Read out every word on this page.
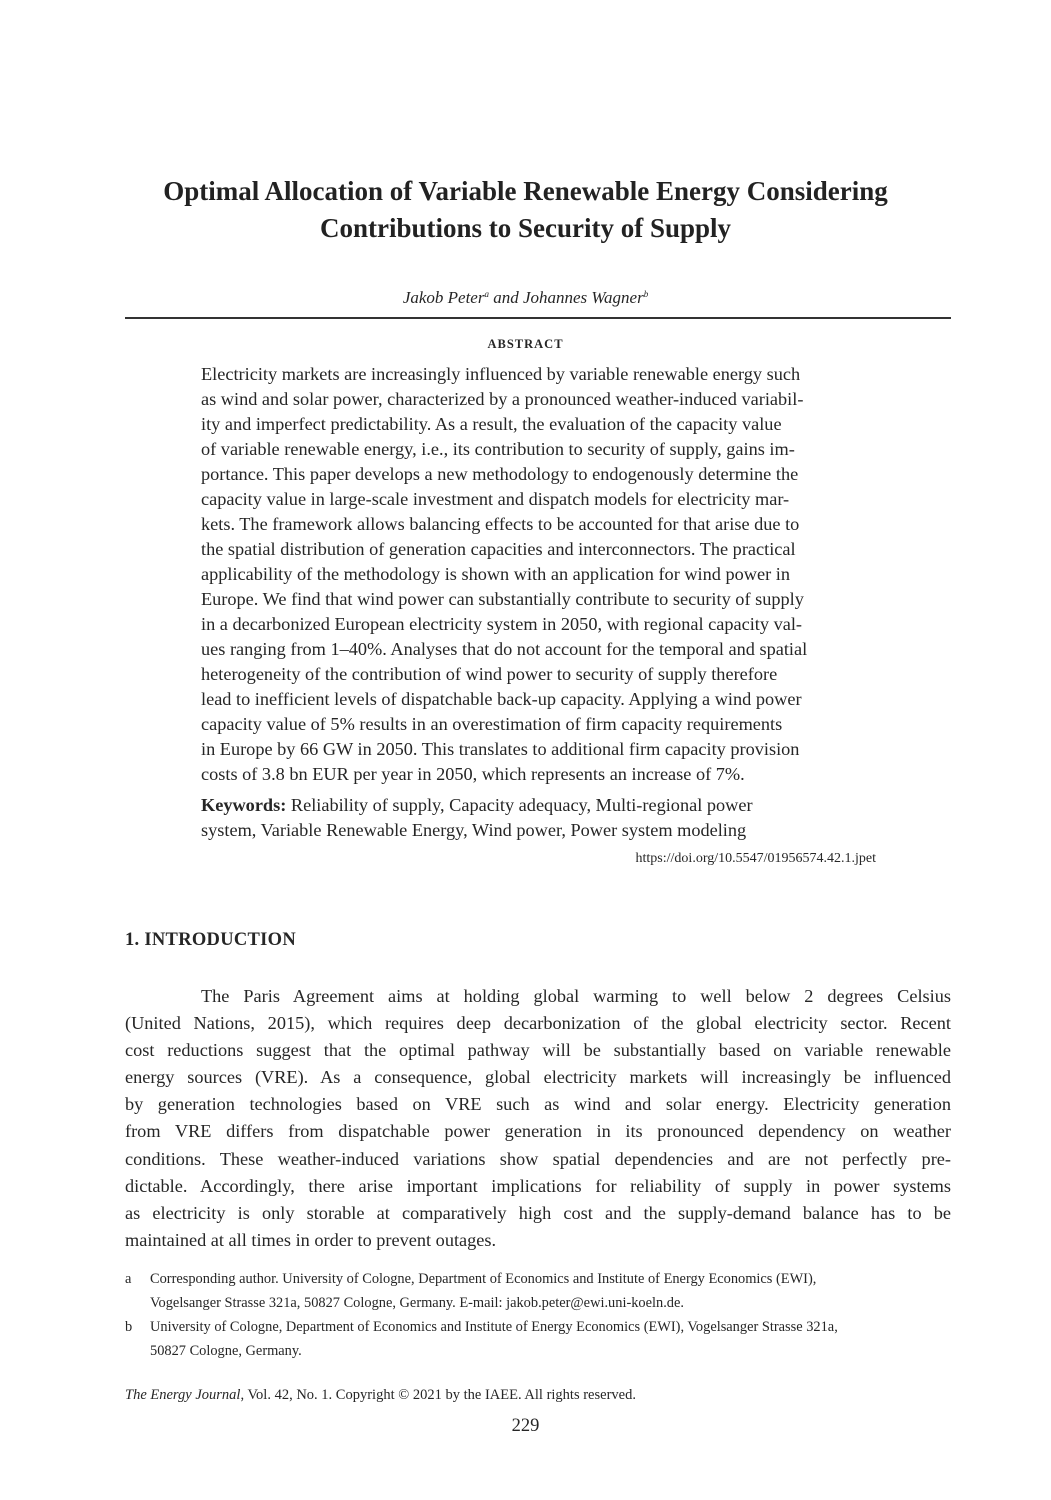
Optimal Allocation of Variable Renewable Energy Considering
Contributions to Security of Supply
Jakob Peter$^a$ and Johannes Wagner$^b$
ABSTRACT
Electricity markets are increasingly influenced by variable renewable energy such
as wind and solar power, characterized by a pronounced weather-induced variabil-
ity and imperfect predictability. As a result, the evaluation of the capacity value
of variable renewable energy, i.e., its contribution to security of supply, gains im-
portance. This paper develops a new methodology to endogenously determine the
capacity value in large-scale investment and dispatch models for electricity mar-
kets. The framework allows balancing effects to be accounted for that arise due to
the spatial distribution of generation capacities and interconnectors. The practical
applicability of the methodology is shown with an application for wind power in
Europe. We find that wind power can substantially contribute to security of supply
in a decarbonized European electricity system in 2050, with regional capacity val-
ues ranging from 1–40%. Analyses that do not account for the temporal and spatial
heterogeneity of the contribution of wind power to security of supply therefore
lead to inefficient levels of dispatchable back-up capacity. Applying a wind power
capacity value of 5% results in an overestimation of firm capacity requirements
in Europe by 66 GW in 2050. This translates to additional firm capacity provision
costs of 3.8 bn EUR per year in 2050, which represents an increase of 7%.
Keywords: Reliability of supply, Capacity adequacy, Multi-regional power
system, Variable Renewable Energy, Wind power, Power system modeling
https://doi.org/10.5547/01956574.42.1.jpet
1. INTRODUCTION
The Paris Agreement aims at holding global warming to well below 2 degrees Celsius
(United Nations, 2015), which requires deep decarbonization of the global electricity sector. Recent
cost reductions suggest that the optimal pathway will be substantially based on variable renewable
energy sources (VRE). As a consequence, global electricity markets will increasingly be influenced
by generation technologies based on VRE such as wind and solar energy. Electricity generation
from VRE differs from dispatchable power generation in its pronounced dependency on weather
conditions. These weather-induced variations show spatial dependencies and are not perfectly pre-
dictable. Accordingly, there arise important implications for reliability of supply in power systems
as electricity is only storable at comparatively high cost and the supply-demand balance has to be
maintained at all times in order to prevent outages.
a Corresponding author. University of Cologne, Department of Economics and Institute of Energy Economics (EWI),
Vogelsanger Strasse 321a, 50827 Cologne, Germany. E-mail: jakob.peter@ewi.uni-koeln.de.
b University of Cologne, Department of Economics and Institute of Energy Economics (EWI), Vogelsanger Strasse 321a,
50827 Cologne, Germany.
The Energy Journal, Vol. 42, No. 1. Copyright © 2021 by the IAEE. All rights reserved.
229
